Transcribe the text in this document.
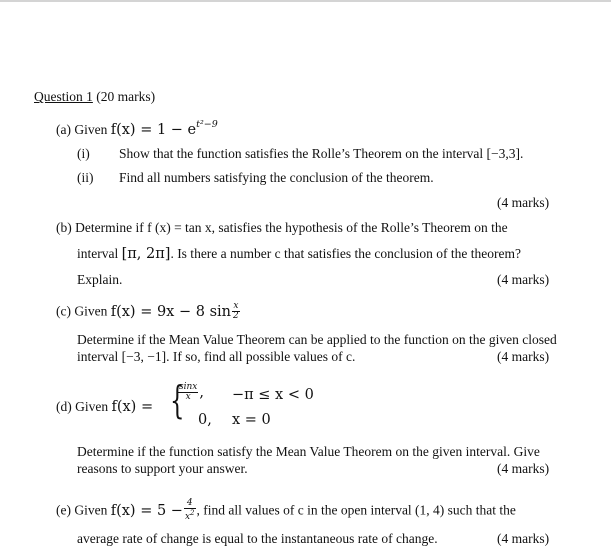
Question 1 (20 marks)
(a) Given $f(x) = 1 - e^{t^2-9}$
(i) Show that the function satisfies the Rolle’s Theorem on the interval [−3,3].
(ii) Find all numbers satisfying the conclusion of the theorem.
(4 marks)
(b) Determine if f (x) = tan x, satisfies the hypothesis of the Rolle’s Theorem on the
interval [π, 2π]. Is there a number c that satisfies the conclusion of the theorem?
Explain.	(4 marks)
(c) Given f(x) = 9x − 8 $\sin \frac{x}{2}$
Determine if the Mean Value Theorem can be applied to the function on the given closed
interval [−3, −1]. If so, find all possible values of c.	(4 marks)
(d) Given f(x) = {
$\frac{\sin x}{x}$ , −π ≤ x < 0
0, x = 0
Determine if the function satisfy the Mean Value Theorem on the given interval. Give
reasons to support your answer.	(4 marks)
(e) Given $f(x) = 5 - \frac{4}{x^2}$ , find all values of c in the open interval (1, 4) such that the
average rate of change is equal to the instantaneous rate of change.	(4 marks)
